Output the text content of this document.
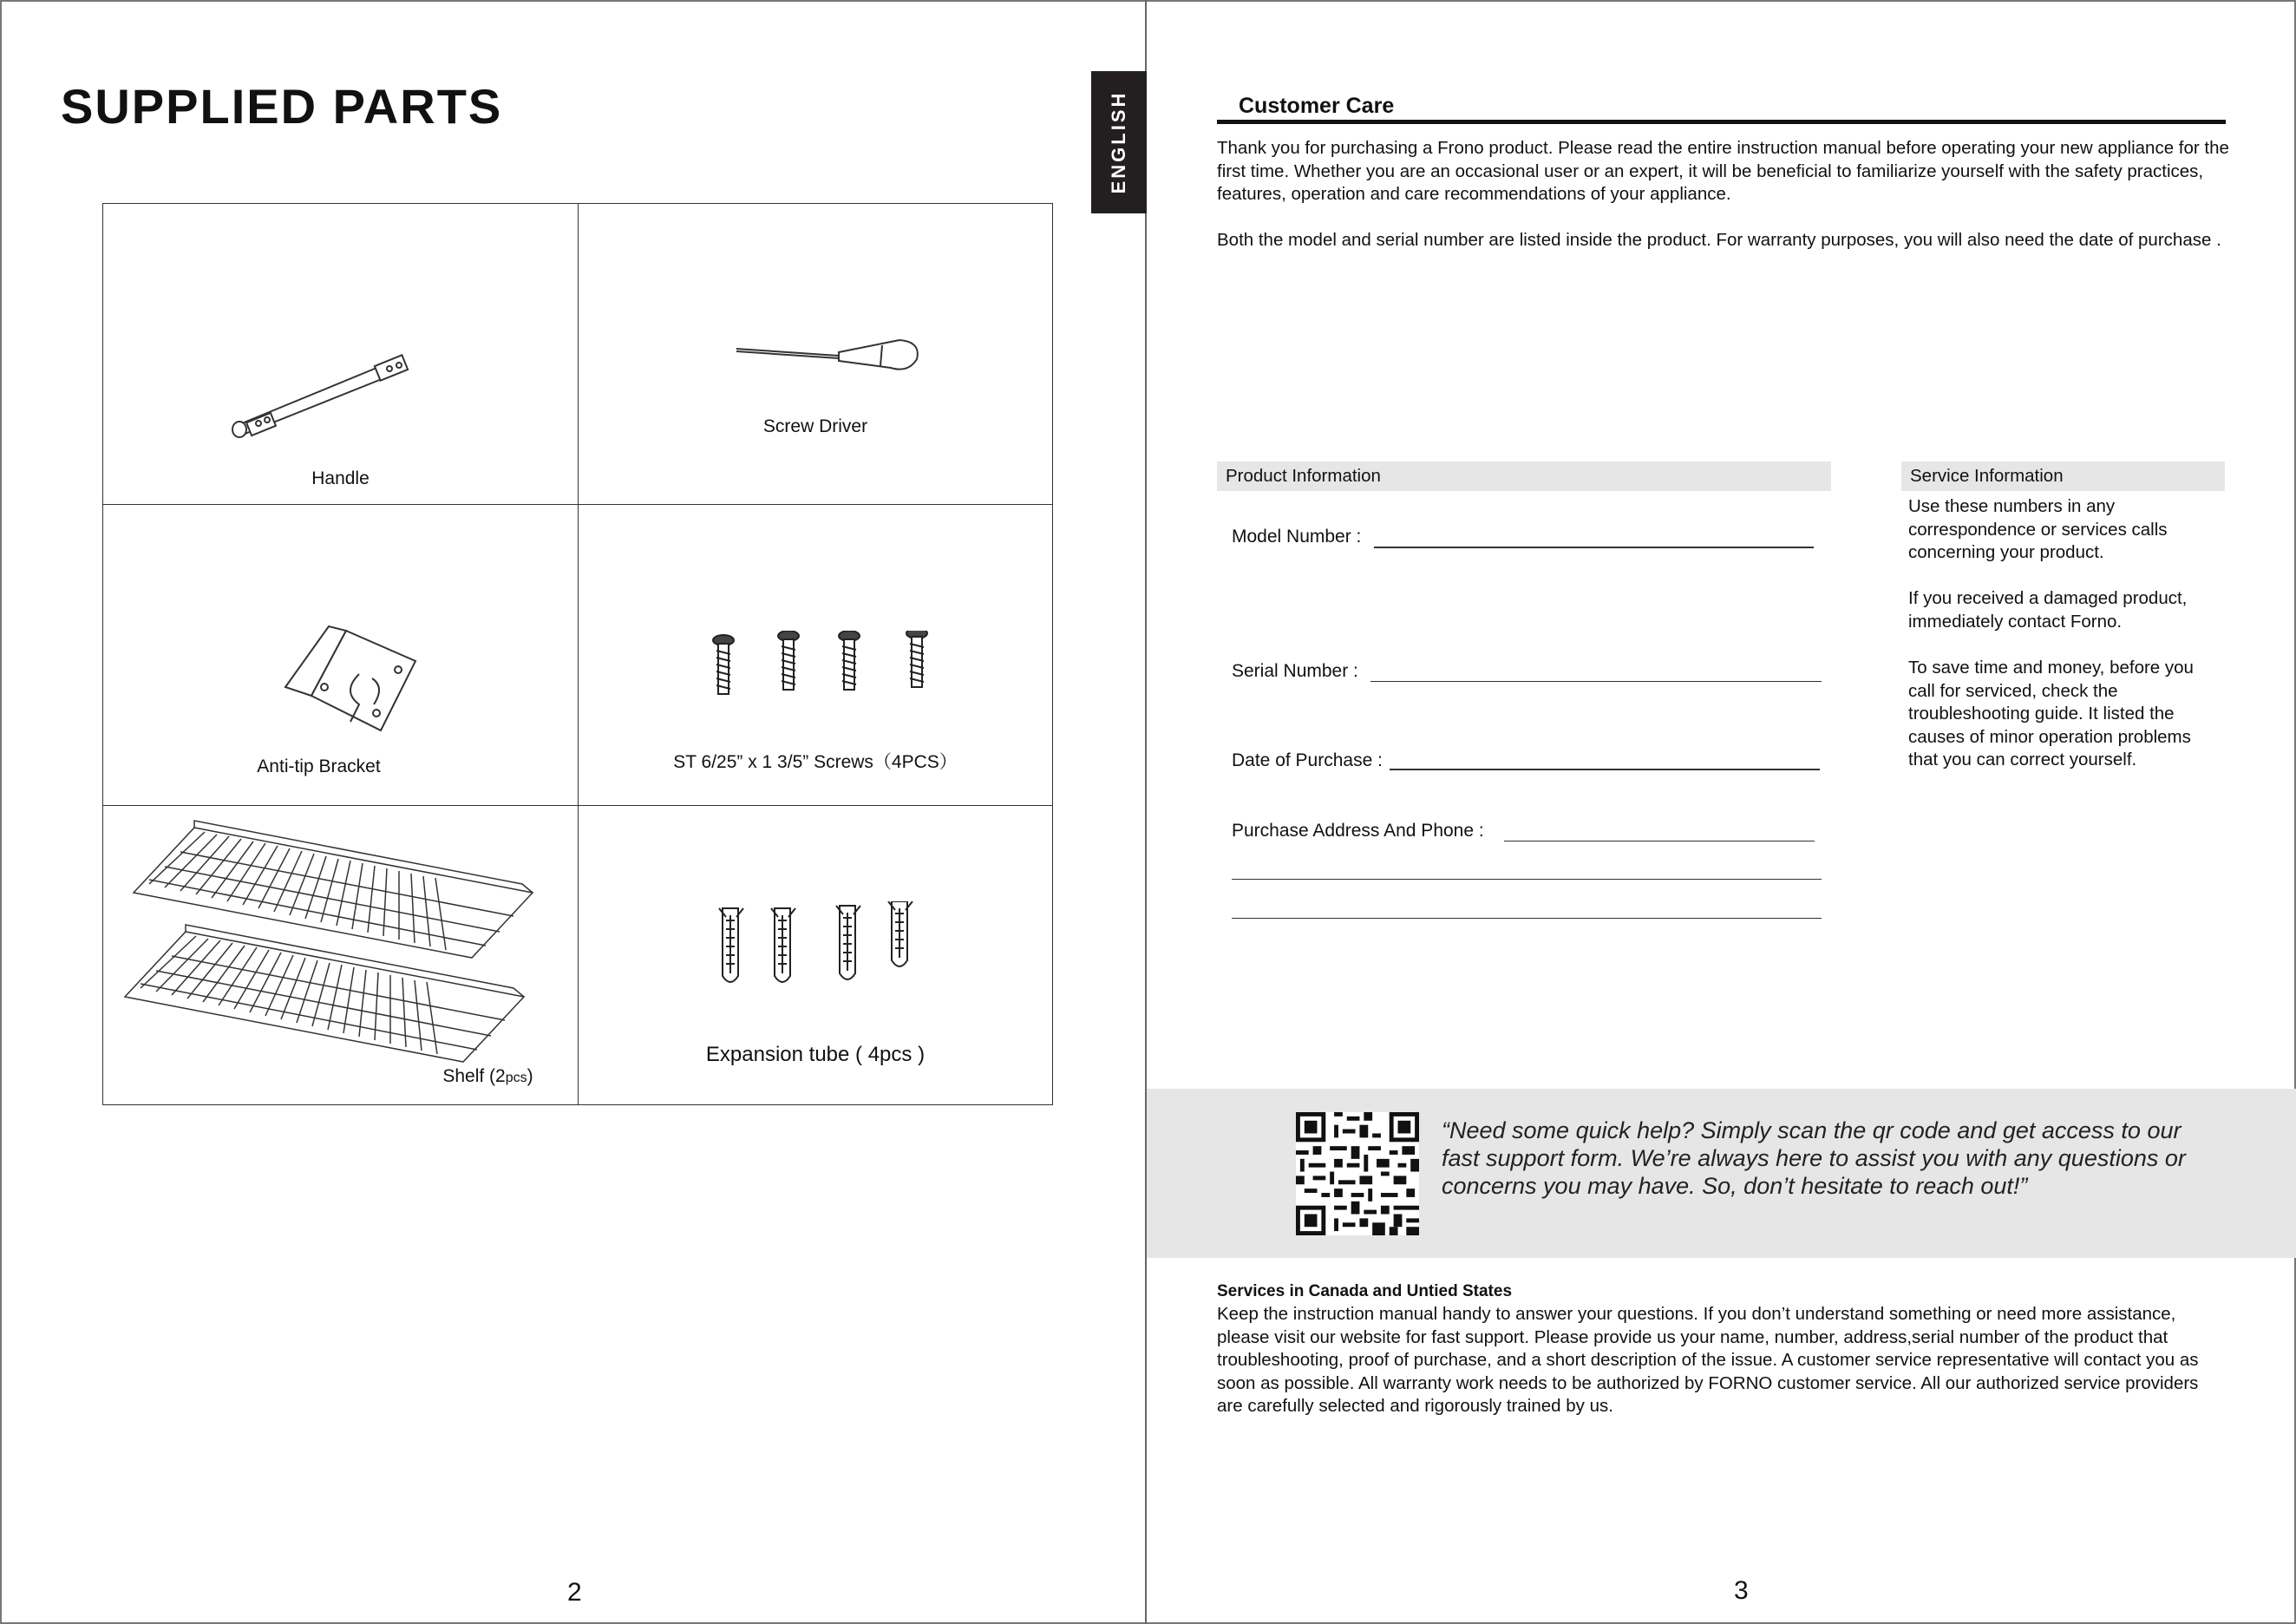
SUPPLIED PARTS
Handle
Screw Driver
Anti-tip Bracket	ST 6/25” x 1 3/5” Screws（4PCS）
Shelf (2pcs)
Expansion tube ( 4pcs )
2
ENGLISH	Customer Care

Thank you for purchasing a Frono product. Please read the entire instruction manual before operating your new appliance for the first time. Whether you are an occasional user or an expert, it will be beneficial to familiarize yourself with the safety practices, features, operation and care recommendations of your appliance.

Both the model and serial number are listed inside the product. For warranty purposes, you will also need the date of purchase .

Product Information
Model Number :
Serial Number :
Date of Purchase :
Purchase Address And Phone :
Service Information

Use these numbers in any correspondence or services calls concerning your product.

If you received a damaged product, immediately contact Forno.

To save time and money, before you call for serviced, check the troubleshooting guide. It listed the causes of minor operation problems that you can correct yourself.

“Need some quick help? Simply scan the qr code and get access to our fast support form. We’re always here to assist you with any questions or concerns you may have. So, don’t hesitate to reach out!”

Services in Canada and Untied States

Keep the instruction manual handy to answer your questions. If you don’t understand something or need more assistance, please visit our website for fast support. Please provide us your name, number, address,serial number of the product that troubleshooting, proof of purchase, and a short description of the issue. A customer service representative will contact you as soon as possible. All warranty work needs to be authorized by FORNO customer service. All our authorized service providers are carefully selected and rigorously trained by us.

3
